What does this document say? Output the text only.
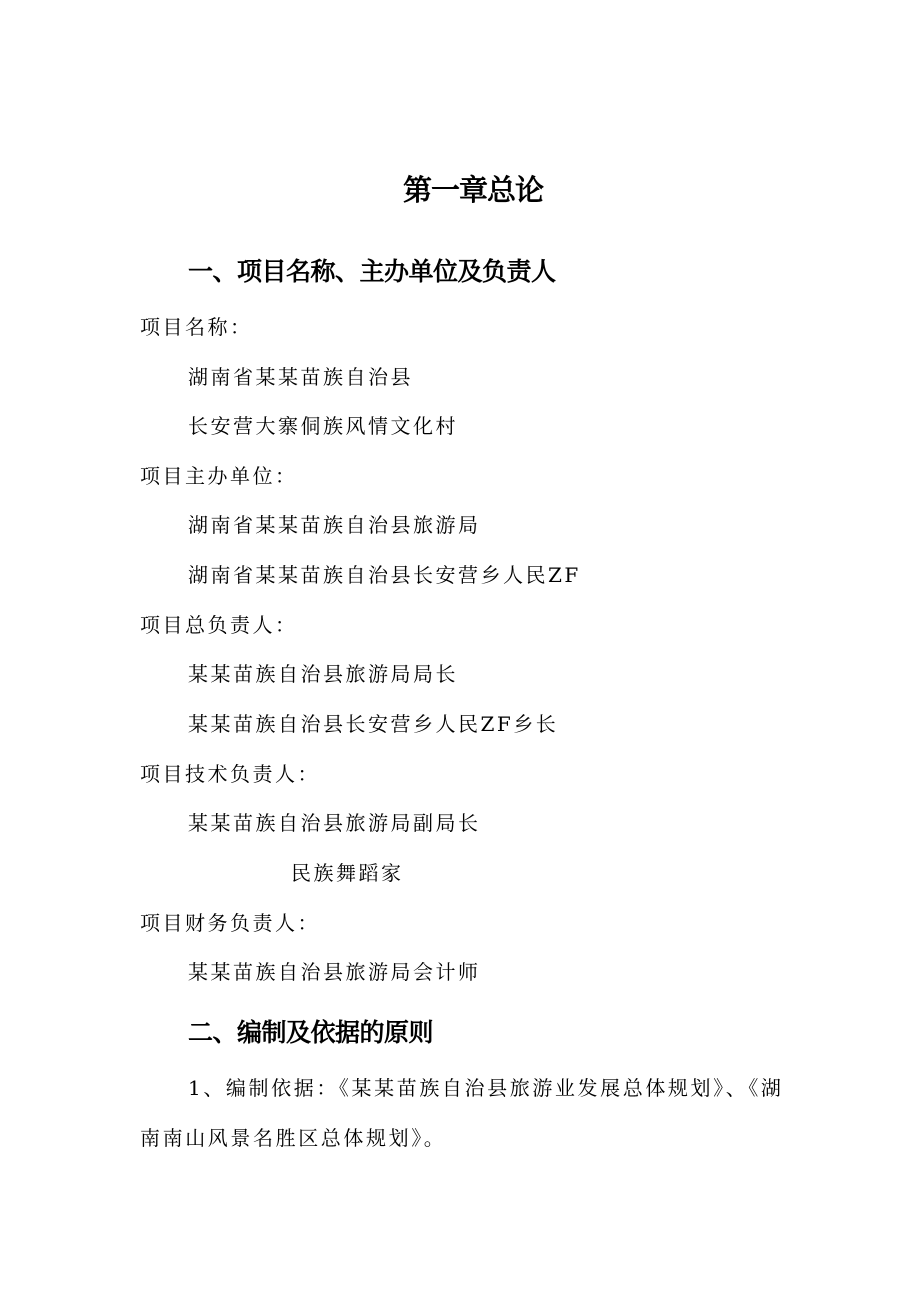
第一章总论
一、项目名称、主办单位及负责人
项目名称：
湖南省某某苗族自治县
长安营大寨侗族风情文化村
项目主办单位：
湖南省某某苗族自治县旅游局
湖南省某某苗族自治县长安营乡人民ZF
项目总负责人：
某某苗族自治县旅游局局长
某某苗族自治县长安营乡人民ZF乡长
项目技术负责人：
某某苗族自治县旅游局副局长
民族舞蹈家
项目财务负责人：
某某苗族自治县旅游局会计师
二、编制及依据的原则
1、编制依据：《某某苗族自治县旅游业发展总体规划》、《湖
南南山风景名胜区总体规划》。
